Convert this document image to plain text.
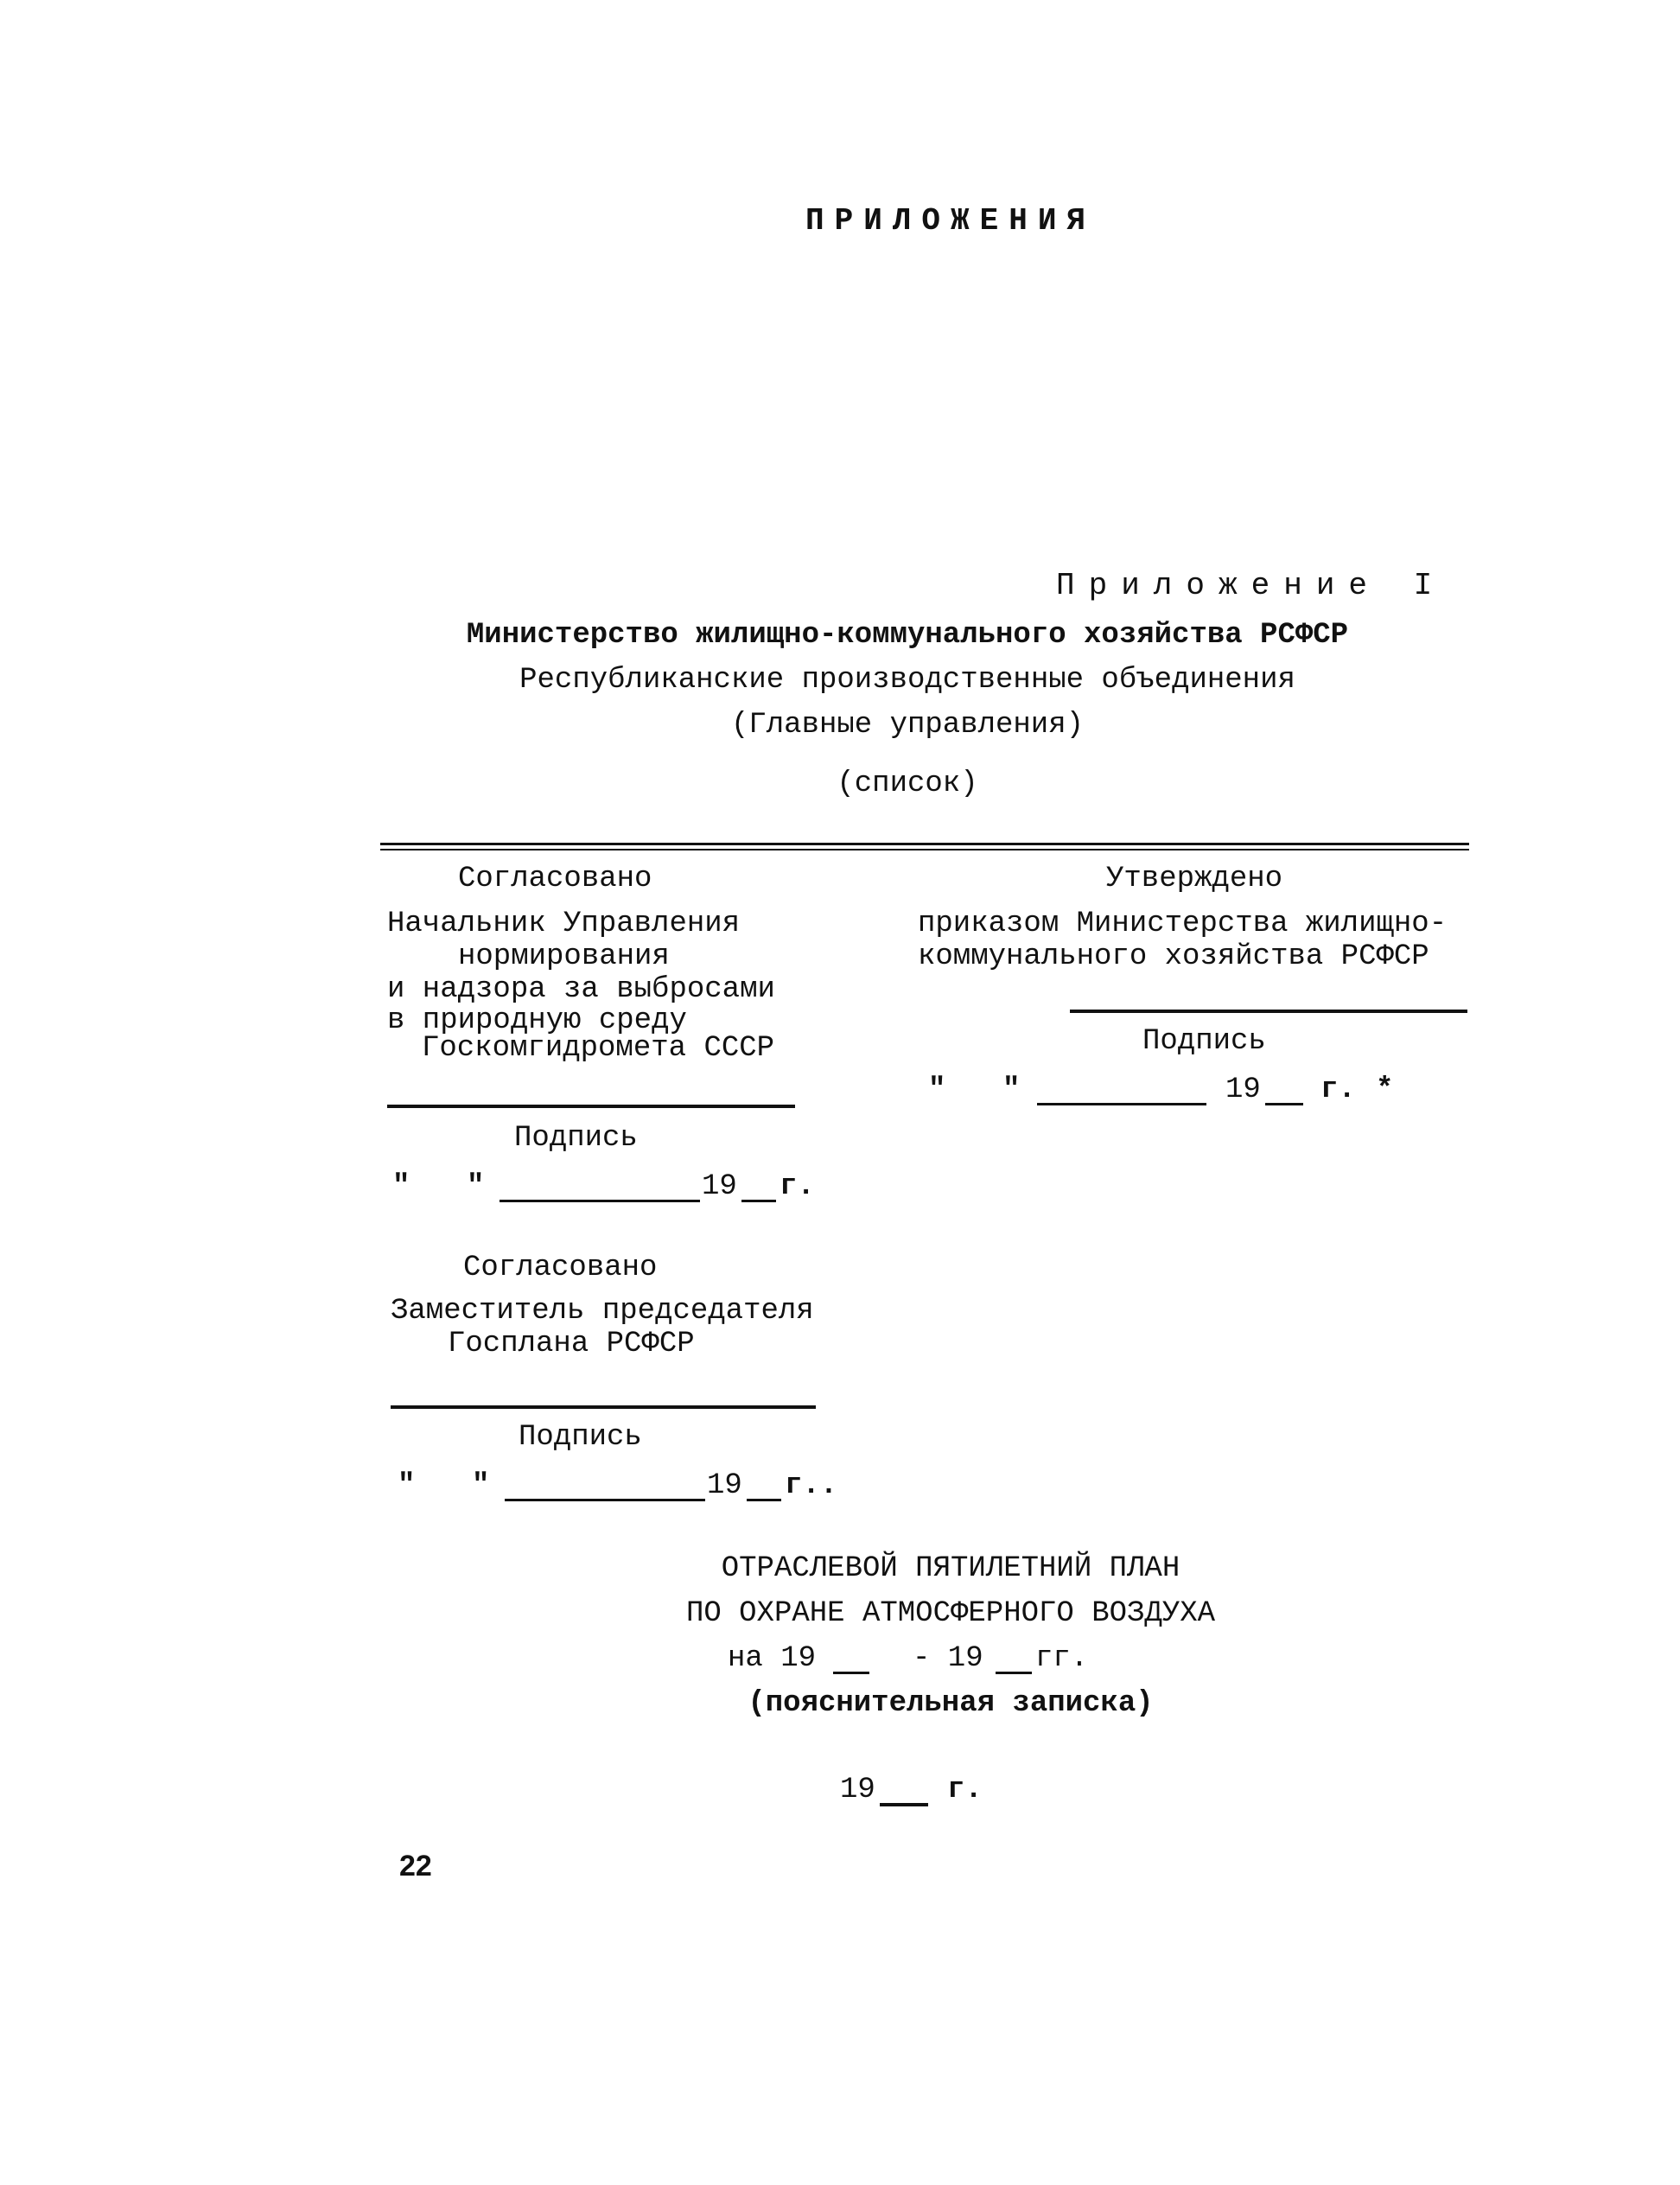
ПРИЛОЖЕНИЯ
Приложение I
Министерство жилищно-коммунального хозяйства РСФСР
Республиканские производственные объединения
(Главные управления)
(список)
Согласовано
Начальник Управления
нормирования
и надзора за выбросами
в природную среду
Госкомгидромета СССР
Подпись
" "	19 г.
Утверждено
приказом Министерства жилищно-
коммунального хозяйства РСФСР
Подпись
" "	19 г. *
Согласовано
Заместитель председателя
Госплана РСФСР
Подпись
" "	19 г..
ОТРАСЛЕВОЙ ПЯТИЛЕТНИЙ ПЛАН
ПО ОХРАНЕ АТМОСФЕРНОГО ВОЗДУХА
на 19	- 19 гг.
(пояснительная записка)
19 г.
22
